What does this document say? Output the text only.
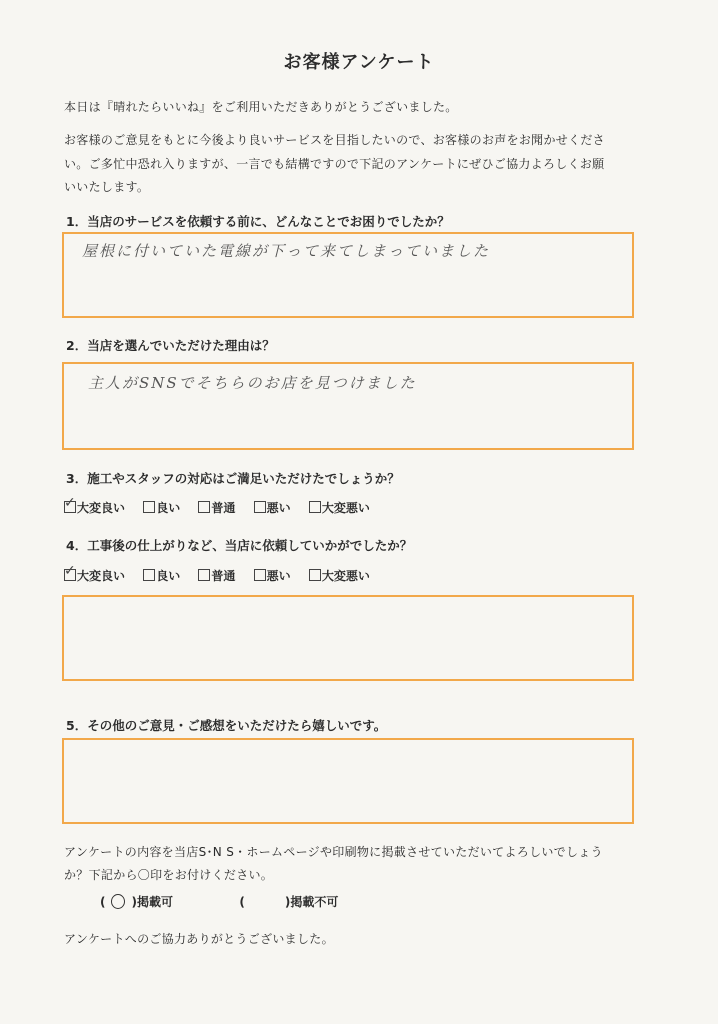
お客様アンケート
本日は『晴れたらいいね』をご利用いただきありがとうございました。
お客様のご意見をもとに今後より良いサービスを目指したいので、お客様のお声をお聞かせくださ
い。ご多忙中恐れ入りますが、一言でも結構ですので下記のアンケートにぜひご協力よろしくお願
いいたします。
1．当店のサービスを依頼する前に、どんなことでお困りでしたか？
屋根に付いていた電線が下って来てしまっていました
2．当店を選んでいただけた理由は？
主人がSNSでそちらのお店を見つけました
3．施工やスタッフの対応はご満足いただけたでしょうか？
✓大変良い	良い	普通	悪い	大変悪い
4．工事後の仕上がりなど、当店に依頼していかがでしたか？
✓大変良い	良い	普通	悪い	大変悪い
5．その他のご意見・ご感想をいただけたら嬉しいです。
アンケートの内容を当店S･N S・ホームページや印刷物に掲載させていただいてよろしいでしょう
か？下記から〇印をお付けください。
( ○ )掲載可	(	)掲載不可
アンケートへのご協力ありがとうございました。
